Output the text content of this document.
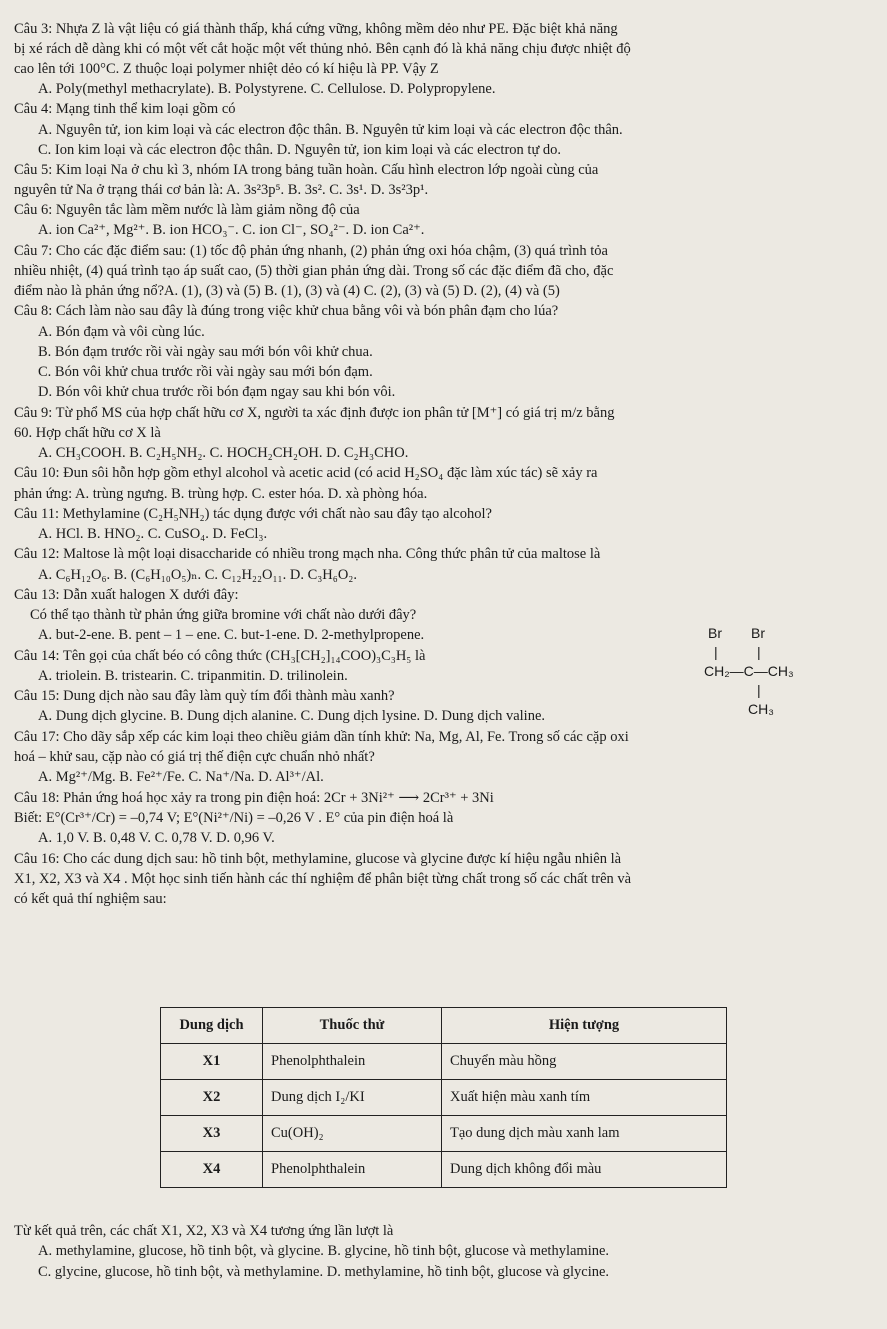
Câu 3: Nhựa Z là vật liệu có giá thành thấp, khá cứng vững, không mềm dẻo như PE. Đặc biệt khả năng
bị xé rách dễ dàng khi có một vết cắt hoặc một vết thủng nhỏ. Bên cạnh đó là khả năng chịu được nhiệt độ
cao lên tới 100°C. Z thuộc loại polymer nhiệt dẻo có kí hiệu là PP. Vậy Z
A. Poly(methyl methacrylate). B. Polystyrene. C. Cellulose. D. Polypropylene.
Câu 4: Mạng tinh thể kim loại gồm có
A. Nguyên tử, ion kim loại và các electron độc thân. B. Nguyên tử kim loại và các electron độc thân.
C. Ion kim loại và các electron độc thân. D. Nguyên tử, ion kim loại và các electron tự do.
Câu 5: Kim loại Na ở chu kì 3, nhóm IA trong bảng tuần hoàn. Cấu hình electron lớp ngoài cùng của
nguyên tử Na ở trạng thái cơ bản là: A. 3s²3p⁵. B. 3s². C. 3s¹. D. 3s²3p¹.
Câu 6: Nguyên tắc làm mềm nước là làm giảm nồng độ của
A. ion Ca²⁺, Mg²⁺. B. ion HCO₃⁻. C. ion Cl⁻, SO₄²⁻. D. ion Ca²⁺.
Câu 7: Cho các đặc điểm sau: (1) tốc độ phản ứng nhanh, (2) phản ứng oxi hóa chậm, (3) quá trình tỏa
nhiều nhiệt, (4) quá trình tạo áp suất cao, (5) thời gian phản ứng dài. Trong số các đặc điểm đã cho, đặc
điểm nào là phản ứng nổ?A. (1), (3) và (5) B. (1), (3) và (4) C. (2), (3) và (5) D. (2), (4) và (5)
Câu 8: Cách làm nào sau đây là đúng trong việc khử chua bằng vôi và bón phân đạm cho lúa?
A. Bón đạm và vôi cùng lúc.
B. Bón đạm trước rồi vài ngày sau mới bón vôi khử chua.
C. Bón vôi khử chua trước rồi vài ngày sau mới bón đạm.
D. Bón vôi khử chua trước rồi bón đạm ngay sau khi bón vôi.
Câu 9: Từ phổ MS của hợp chất hữu cơ X, người ta xác định được ion phân tử [M⁺] có giá trị m/z bằng
60. Hợp chất hữu cơ X là
A. CH₃COOH. B. C₂H₅NH₂. C. HOCH₂CH₂OH. D. C₂H₃CHO.
Câu 10: Đun sôi hỗn hợp gồm ethyl alcohol và acetic acid (có acid H₂SO₄ đặc làm xúc tác) sẽ xảy ra
phản ứng: A. trùng ngưng. B. trùng hợp. C. ester hóa. D. xà phòng hóa.
Câu 11: Methylamine (C₂H₅NH₂) tác dụng được với chất nào sau đây tạo alcohol?
A. HCl. B. HNO₂. C. CuSO₄. D. FeCl₃.
Câu 12: Maltose là một loại disaccharide có nhiều trong mạch nha. Công thức phân tử của maltose là
A. C₆H₁₂O₆. B. (C₆H₁₀O₅)ₙ. C. C₁₂H₂₂O₁₁. D. C₃H₆O₂.
Câu 13: Dẫn xuất halogen X dưới đây:
Có thể tạo thành từ phản ứng giữa bromine với chất nào dưới đây?
A. but-2-ene. B. pent – 1 – ene. C. but-1-ene. D. 2-methylpropene.
Câu 14: Tên gọi của chất béo có công thức (CH₃[CH₂]₁₄COO)₃C₃H₅ là
A. triolein. B. tristearin. C. tripanmitin. D. trilinolein.
Câu 15: Dung dịch nào sau đây làm quỳ tím đổi thành màu xanh?
A. Dung dịch glycine. B. Dung dịch alanine. C. Dung dịch lysine. D. Dung dịch valine.
Câu 17: Cho dãy sắp xếp các kim loại theo chiều giảm dần tính khử: Na, Mg, Al, Fe. Trong số các cặp oxi
hoá – khử sau, cặp nào có giá trị thế điện cực chuẩn nhỏ nhất?
A. Mg²⁺/Mg. B. Fe²⁺/Fe. C. Na⁺/Na. D. Al³⁺/Al.
Câu 18: Phản ứng hoá học xảy ra trong pin điện hoá: 2Cr + 3Ni²⁺ ⟶ 2Cr³⁺ + 3Ni
Biết: E°(Cr³⁺/Cr) = –0,74 V; E°(Ni²⁺/Ni) = –0,26 V . E° của pin điện hoá là
A. 1,0 V. B. 0,48 V. C. 0,78 V. D. 0,96 V.
Câu 16: Cho các dung dịch sau: hồ tinh bột, methylamine, glucose và glycine được kí hiệu ngẫu nhiên là
X1, X2, X3 và X4 . Một học sinh tiến hành các thí nghiệm để phân biệt từng chất trong số các chất trên và
có kết quả thí nghiệm sau:
Từ kết quả trên, các chất X1, X2, X3 và X4 tương ứng lần lượt là
A. methylamine, glucose, hồ tinh bột, và glycine. B. glycine, hồ tinh bột, glucose và methylamine.
C. glycine, glucose, hồ tinh bột, và methylamine. D. methylamine, hồ tinh bột, glucose và glycine.
Br Br
|	|
CH₂—C—CH₃
|
CH₃
Dung dịch	Thuốc thử	Hiện tượng
X1	Phenolphthalein	Chuyển màu hồng
X2	Dung dịch I₂/KI	Xuất hiện màu xanh tím
X3	Cu(OH)₂	Tạo dung dịch màu xanh lam
X4	Phenolphthalein	Dung dịch không đổi màu
